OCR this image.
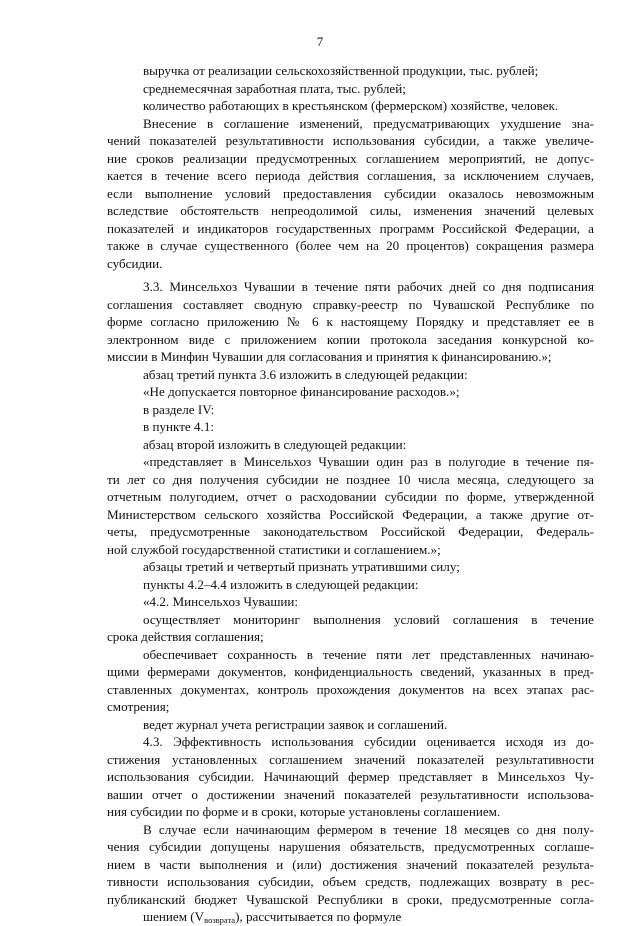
7
выручка от реализации сельскохозяйственной продукции, тыс. рублей;
среднемесячная заработная плата, тыс. рублей;
количество работающих в крестьянском (фермерском) хозяйстве, человек.
Внесение в соглашение изменений, предусматривающих ухудшение зна-
чений показателей результативности использования субсидии, а также увеличе-
ние сроков реализации предусмотренных соглашением мероприятий, не допус-
кается в течение всего периода действия соглашения, за исключением случаев,
если выполнение условий предоставления субсидии оказалось невозможным
вследствие обстоятельств непреодолимой силы, изменения значений целевых
показателей и индикаторов государственных программ Российской Федерации, а
также в случае существенного (более чем на 20 процентов) сокращения размера
субсидии.
3.3. Минсельхоз Чувашии в течение пяти рабочих дней со дня подписания
соглашения составляет сводную справку-реестр по Чувашской Республике по
форме согласно приложению № 6 к настоящему Порядку и представляет ее в
электронном виде с приложением копии протокола заседания конкурсной ко-
миссии в Минфин Чувашии для согласования и принятия к финансированию.»;
абзац третий пункта 3.6 изложить в следующей редакции:
«Не допускается повторное финансирование расходов.»;
в разделе IV:
в пункте 4.1:
абзац второй изложить в следующей редакции:
«представляет в Минсельхоз Чувашии один раз в полугодие в течение пя-
ти лет со дня получения субсидии не позднее 10 числа месяца, следующего за
отчетным полугодием, отчет о расходовании субсидии по форме, утвержденной
Министерством сельского хозяйства Российской Федерации, а также другие от-
четы, предусмотренные законодательством Российской Федерации, Федераль-
ной службой государственной статистики и соглашением.»;
абзацы третий и четвертый признать утратившими силу;
пункты 4.2–4.4 изложить в следующей редакции:
«4.2. Минсельхоз Чувашии:
осуществляет мониторинг выполнения условий соглашения в течение
срока действия соглашения;
обеспечивает сохранность в течение пяти лет представленных начинаю-
щими фермерами документов, конфиденциальность сведений, указанных в пред-
ставленных документах, контроль прохождения документов на всех этапах рас-
смотрения;
ведет журнал учета регистрации заявок и соглашений.
4.3. Эффективность использования субсидии оценивается исходя из до-
стижения установленных соглашением значений показателей результативности
использования субсидии. Начинающий фермер представляет в Минсельхоз Чу-
вашии отчет о достижении значений показателей результативности использова-
ния субсидии по форме и в сроки, которые установлены соглашением.
В случае если начинающим фермером в течение 18 месяцев со дня полу-
чения субсидии допущены нарушения обязательств, предусмотренных соглаше-
нием в части выполнения и (или) достижения значений показателей результа-
тивности использования субсидии, объем средств, подлежащих возврату в рес-
публиканский бюджет Чувашской Республики в сроки, предусмотренные согла-
шением (Vвозврата), рассчитывается по формуле
